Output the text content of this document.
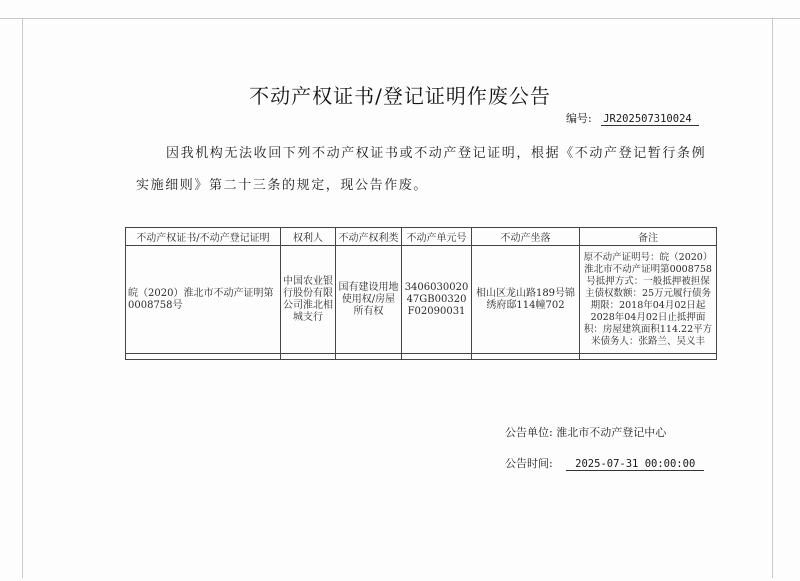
不动产权证书/登记证明作废公告
编号: JR202507310024
因我机构无法收回下列不动产权证书或不动产登记证明，根据《不动产登记暂行条例
实施细则》第二十三条的规定，现公告作废。
不动产权证书/不动产登记证明	权利人	不动产权利类	不动产单元号	不动产坐落	备注
皖（2020）淮北市不动产证明第0008758号	中国农业银行股份有限公司淮北相城支行	国有建设用地使用权/房屋所有权	340603002047GB00320F02090031	相山区龙山路189号锦绣府邸114幢702	原不动产证明号：皖（2020）淮北市不动产证明第0008758号抵押方式：一般抵押被担保主债权数额：25万元履行债务期限：2018年04月02日起2028年04月02日止抵押面积：房屋建筑面积114.22平方米债务人：张路兰、吴义丰

公告单位: 淮北市不动产登记中心
公告时间: 2025-07-31 00:00:00
